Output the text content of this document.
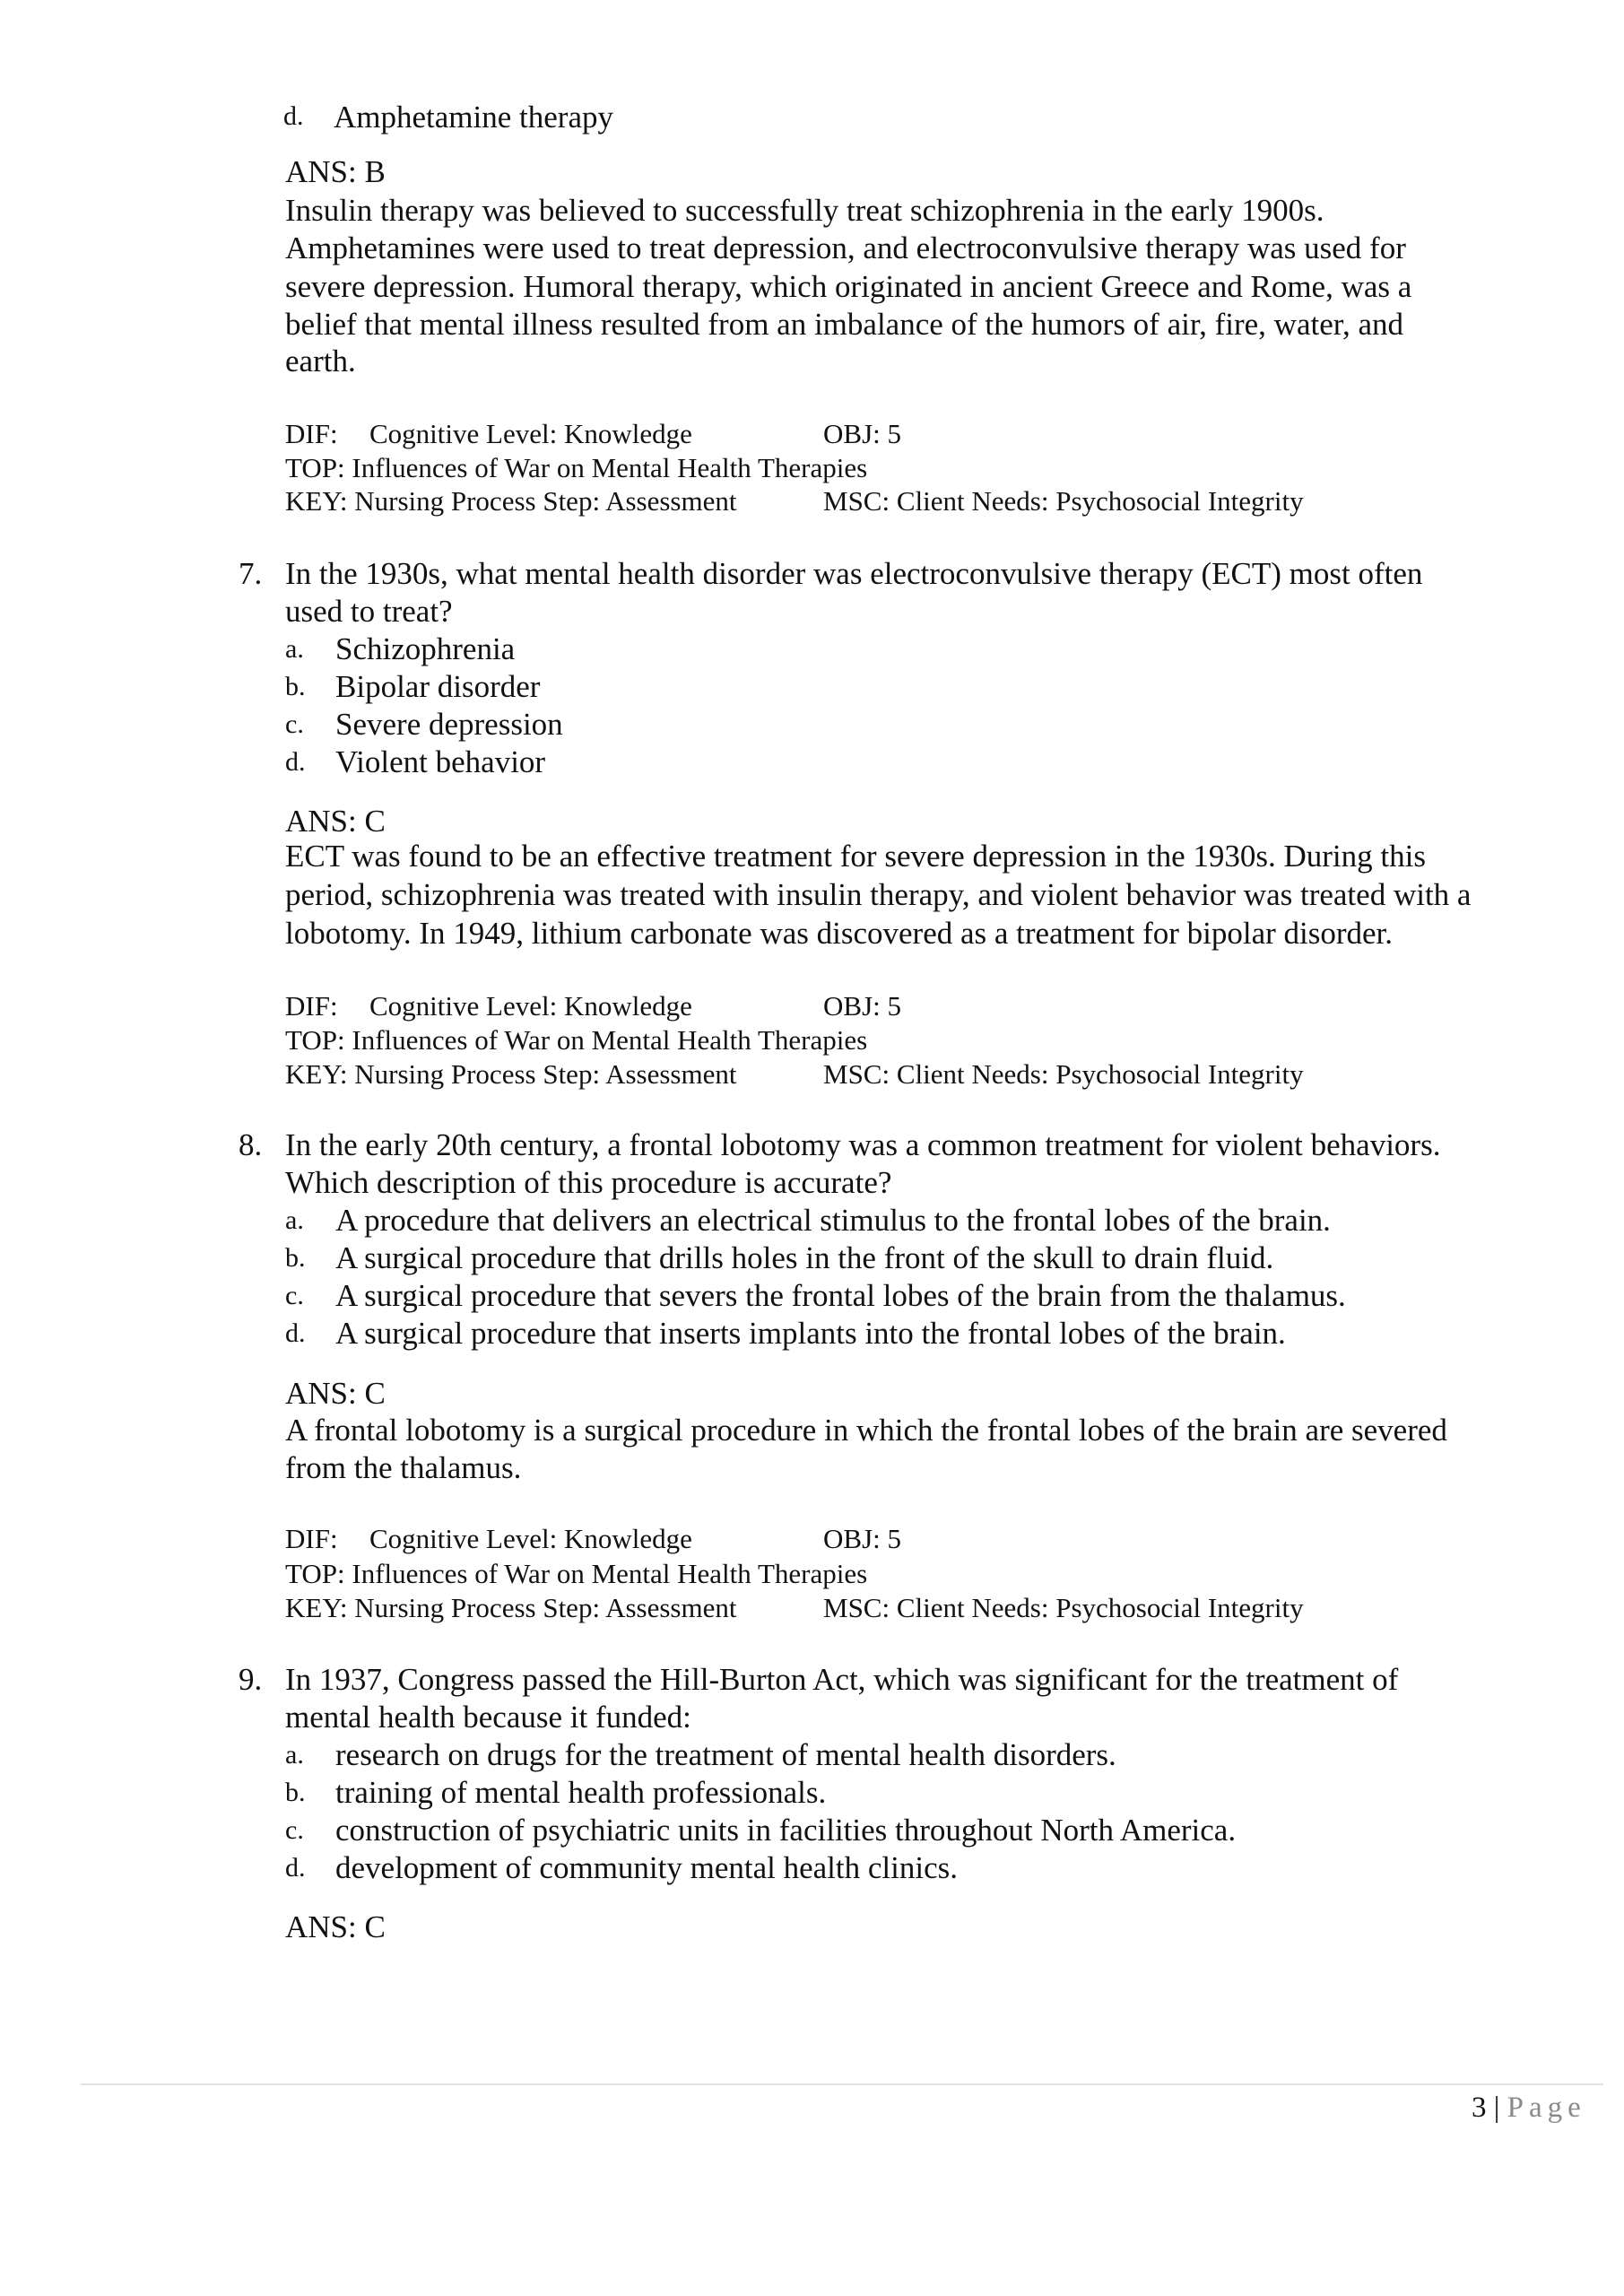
d. Amphetamine therapy
ANS: B
Insulin therapy was believed to successfully treat schizophrenia in the early 1900s.
Amphetamines were used to treat depression, and electroconvulsive therapy was used for
severe depression. Humoral therapy, which originated in ancient Greece and Rome, was a
belief that mental illness resulted from an imbalance of the humors of air, fire, water, and
earth.
DIF: Cognitive Level: Knowledge	OBJ: 5
TOP: Influences of War on Mental Health Therapies
KEY: Nursing Process Step: Assessment	MSC: Client Needs: Psychosocial Integrity
7. In the 1930s, what mental health disorder was electroconvulsive therapy (ECT) most often
used to treat?
a. Schizophrenia
b. Bipolar disorder
c. Severe depression
d. Violent behavior
ANS: C
ECT was found to be an effective treatment for severe depression in the 1930s. During this
period, schizophrenia was treated with insulin therapy, and violent behavior was treated with a
lobotomy. In 1949, lithium carbonate was discovered as a treatment for bipolar disorder.
DIF: Cognitive Level: Knowledge	OBJ: 5
TOP: Influences of War on Mental Health Therapies
KEY: Nursing Process Step: Assessment	MSC: Client Needs: Psychosocial Integrity
8. In the early 20th century, a frontal lobotomy was a common treatment for violent behaviors.
Which description of this procedure is accurate?
a. A procedure that delivers an electrical stimulus to the frontal lobes of the brain.
b. A surgical procedure that drills holes in the front of the skull to drain fluid.
c. A surgical procedure that severs the frontal lobes of the brain from the thalamus.
d. A surgical procedure that inserts implants into the frontal lobes of the brain.
ANS: C
A frontal lobotomy is a surgical procedure in which the frontal lobes of the brain are severed
from the thalamus.
DIF: Cognitive Level: Knowledge	OBJ: 5
TOP: Influences of War on Mental Health Therapies
KEY: Nursing Process Step: Assessment	MSC: Client Needs: Psychosocial Integrity
9. In 1937, Congress passed the Hill-Burton Act, which was significant for the treatment of
mental health because it funded:
a. research on drugs for the treatment of mental health disorders.
b. training of mental health professionals.
c. construction of psychiatric units in facilities throughout North America.
d. development of community mental health clinics.
ANS: C
3 | Page
